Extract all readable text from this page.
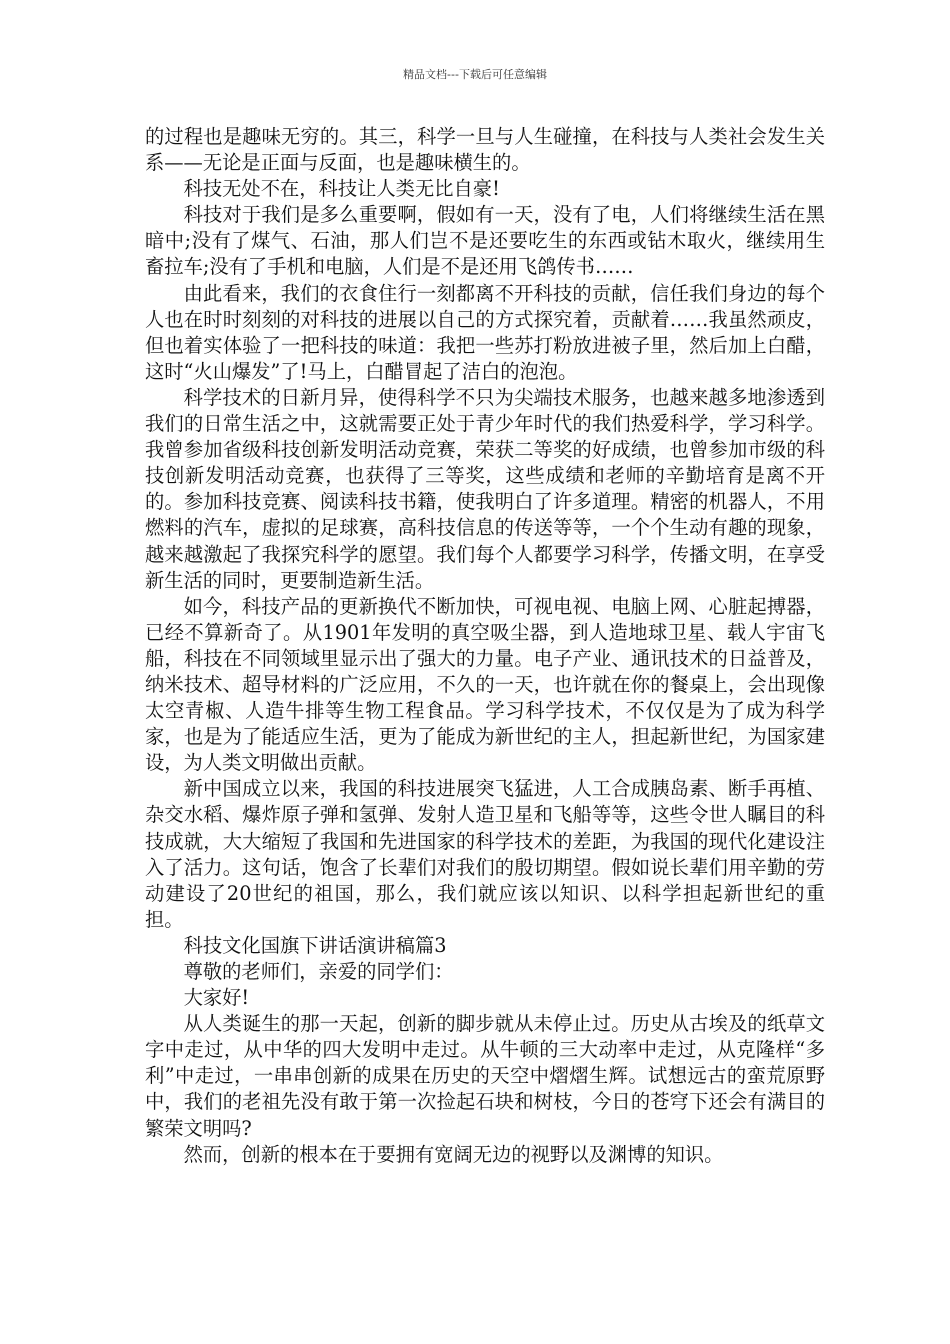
精品文档---下载后可任意编辑

的过程也是趣味无穷的。其三，科学一旦与人生碰撞，在科技与人类社会发生关系——无论是正面与反面，也是趣味横生的。

科技无处不在，科技让人类无比自豪!

科技对于我们是多么重要啊，假如有一天，没有了电，人们将继续生活在黑暗中;没有了煤气、石油，那人们岂不是还要吃生的东西或钻木取火，继续用生畜拉车;没有了手机和电脑，人们是不是还用飞鸽传书……

由此看来，我们的衣食住行一刻都离不开科技的贡献，信任我们身边的每个人也在时时刻刻的对科技的进展以自己的方式探究着，贡献着……我虽然顽皮，但也着实体验了一把科技的味道：我把一些苏打粉放进被子里，然后加上白醋，这时“火山爆发”了!马上，白醋冒起了洁白的泡泡。

科学技术的日新月异，使得科学不只为尖端技术服务，也越来越多地渗透到我们的日常生活之中，这就需要正处于青少年时代的我们热爱科学，学习科学。我曾参加省级科技创新发明活动竞赛，荣获二等奖的好成绩，也曾参加市级的科技创新发明活动竞赛，也获得了三等奖，这些成绩和老师的辛勤培育是离不开的。参加科技竞赛、阅读科技书籍，使我明白了许多道理。精密的机器人，不用燃料的汽车，虚拟的足球赛，高科技信息的传送等等，一个个生动有趣的现象，越来越激起了我探究科学的愿望。我们每个人都要学习科学，传播文明，在享受新生活的同时，更要制造新生活。

如今，科技产品的更新换代不断加快，可视电视、电脑上网、心脏起搏器，已经不算新奇了。从1901年发明的真空吸尘器，到人造地球卫星、载人宇宙飞船，科技在不同领域里显示出了强大的力量。电子产业、通讯技术的日益普及，纳米技术、超导材料的广泛应用，不久的一天，也许就在你的餐桌上，会出现像太空青椒、人造牛排等生物工程食品。学习科学技术，不仅仅是为了成为科学家，也是为了能适应生活，更为了能成为新世纪的主人，担起新世纪，为国家建设，为人类文明做出贡献。

新中国成立以来，我国的科技进展突飞猛进，人工合成胰岛素、断手再植、杂交水稻、爆炸原子弹和氢弹、发射人造卫星和飞船等等，这些令世人瞩目的科技成就，大大缩短了我国和先进国家的科学技术的差距，为我国的现代化建设注入了活力。这句话，饱含了长辈们对我们的殷切期望。假如说长辈们用辛勤的劳动建设了20世纪的祖国，那么，我们就应该以知识、以科学担起新世纪的重担。

科技文化国旗下讲话演讲稿篇3

尊敬的老师们，亲爱的同学们：

大家好!

从人类诞生的那一天起，创新的脚步就从未停止过。历史从古埃及的纸草文字中走过，从中华的四大发明中走过。从牛顿的三大动率中走过，从克隆样“多利”中走过，一串串创新的成果在历史的天空中熠熠生辉。试想远古的蛮荒原野中，我们的老祖先没有敢于第一次捡起石块和树枝，今日的苍穹下还会有满目的繁荣文明吗?

然而，创新的根本在于要拥有宽阔无边的视野以及渊博的知识。
